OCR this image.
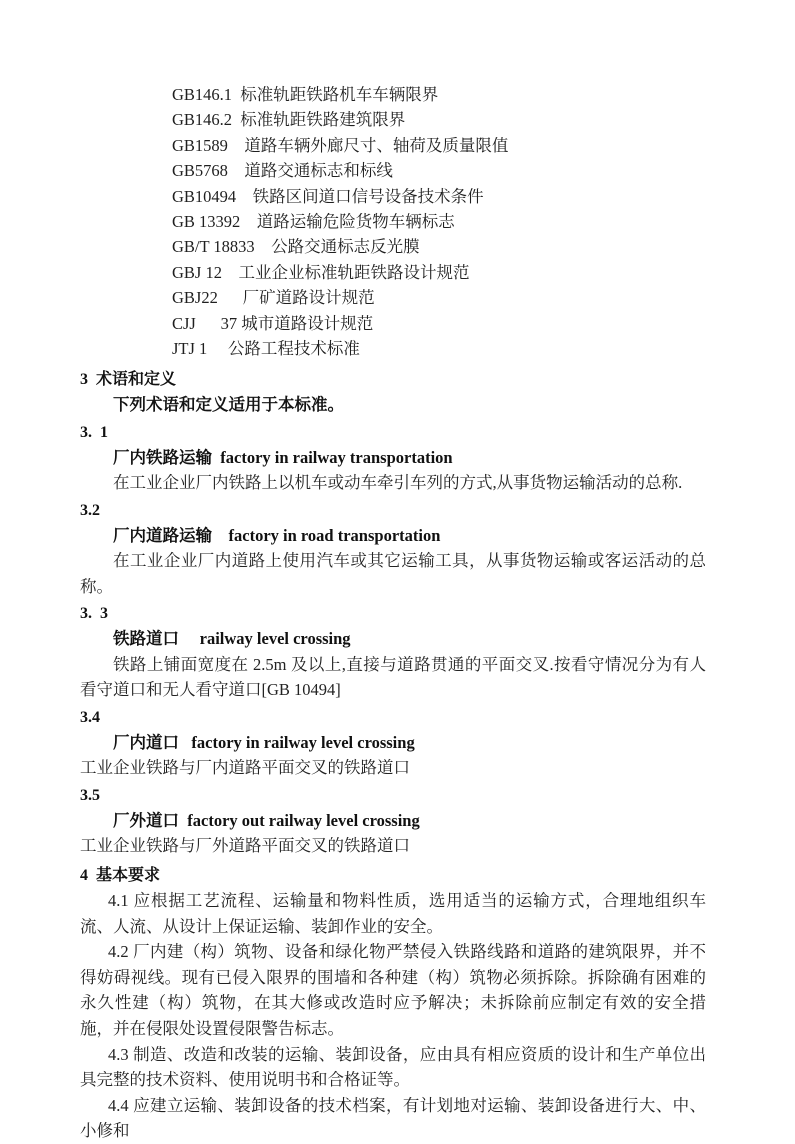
GB146.1  标准轨距铁路机车车辆限界
GB146.2  标准轨距铁路建筑限界
GB1589    道路车辆外廊尺寸、轴荷及质量限值
GB5768    道路交通标志和标线
GB10494    铁路区间道口信号设备技术条件
GB 13392    道路运输危险货物车辆标志
GB/T 18833    公路交通标志反光膜
GBJ 12    工业企业标准轨距铁路设计规范
GBJ22      厂矿道路设计规范
CJJ      37 城市道路设计规范
JTJ 1     公路工程技术标准
3  术语和定义
下列术语和定义适用于本标准。
3.  1
厂内铁路运输  factory in railway transportation
在工业企业厂内铁路上以机车或动车牵引车列的方式,从事货物运输活动的总称.
3.2
厂内道路运输    factory in road transportation
在工业企业厂内道路上使用汽车或其它运输工具，从事货物运输或客运活动的总称。
3.  3
铁路道口     railway level crossing
铁路上铺面宽度在 2.5m 及以上,直接与道路贯通的平面交叉.按看守情况分为有人看守道口和无人看守道口[GB 10494]
3.4
厂内道口   factory in railway level crossing
工业企业铁路与厂内道路平面交叉的铁路道口
3.5
厂外道口  factory out railway level crossing
工业企业铁路与厂外道路平面交叉的铁路道口
4  基本要求
4.1 应根据工艺流程、运输量和物料性质，选用适当的运输方式，合理地组织车流、人流、从设计上保证运输、装卸作业的安全。
4.2 厂内建（构）筑物、设备和绿化物严禁侵入铁路线路和道路的建筑限界，并不得妨碍视线。现有已侵入限界的围墙和各种建（构）筑物必须拆除。拆除确有困难的永久性建（构）筑物，在其大修或改造时应予解决；未拆除前应制定有效的安全措施，并在侵限处设置侵限警告标志。
4.3 制造、改造和改装的运输、装卸设备，应由具有相应资质的设计和生产单位出具完整的技术资料、使用说明书和合格证等。
4.4 应建立运输、装卸设备的技术档案，有计划地对运输、装卸设备进行大、中、小修和
